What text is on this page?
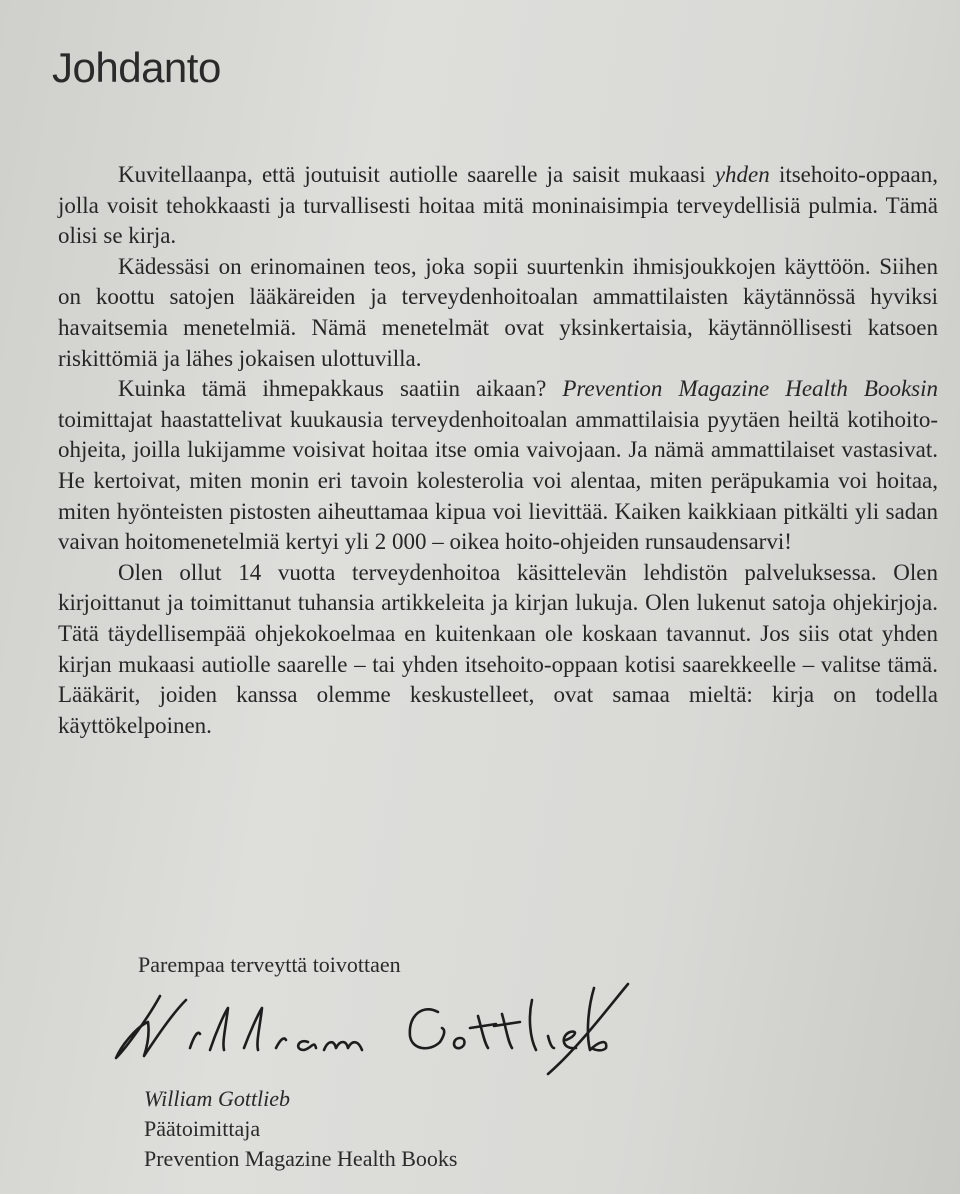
Johdanto

Kuvitellaanpa, että joutuisit autiolle saarelle ja saisit mukaasi yhden itsehoito-oppaan, jolla voisit tehokkaasti ja turvallisesti hoitaa mitä moninaisimpia terveydellisiä pulmia. Tämä olisi se kirja.

Kädessäsi on erinomainen teos, joka sopii suurtenkin ihmisjoukkojen käyttöön. Siihen on koottu satojen lääkäreiden ja terveydenhoitoalan ammattilaisten käytännössä hyviksi havaitsemia menetelmiä. Nämä menetelmät ovat yksinkertaisia, käytännöllisesti katsoen riskittömiä ja lähes jokaisen ulottuvilla.

Kuinka tämä ihmepakkaus saatiin aikaan? Prevention Magazine Health Booksin toimittajat haastattelivat kuukausia terveydenhoitoalan ammattilaisia pyytäen heiltä kotihoito-ohjeita, joilla lukijamme voisivat hoitaa itse omia vaivojaan. Ja nämä ammattilaiset vastasivat. He kertoivat, miten monin eri tavoin kolesterolia voi alentaa, miten peräpukamia voi hoitaa, miten hyönteisten pistosten aiheuttamaa kipua voi lievittää. Kaiken kaikkiaan pitkälti yli sadan vaivan hoitomenetelmiä kertyi yli 2 000 – oikea hoito-ohjeiden runsaudensarvi!

Olen ollut 14 vuotta terveydenhoitoa käsittelevän lehdistön palveluksessa. Olen kirjoittanut ja toimittanut tuhansia artikkeleita ja kirjan lukuja. Olen lukenut satoja ohjekirjoja. Tätä täydellisempää ohjekokoelmaa en kuitenkaan ole koskaan tavannut. Jos siis otat yhden kirjan mukaasi autiolle saarelle – tai yhden itsehoito-oppaan kotisi saarekkeelle – valitse tämä. Lääkärit, joiden kanssa olemme keskustelleet, ovat samaa mieltä: kirja on todella käyttökelpoinen.

Parempaa terveyttä toivottaen

William Gottlieb
Päätoimittaja
Prevention Magazine Health Books
